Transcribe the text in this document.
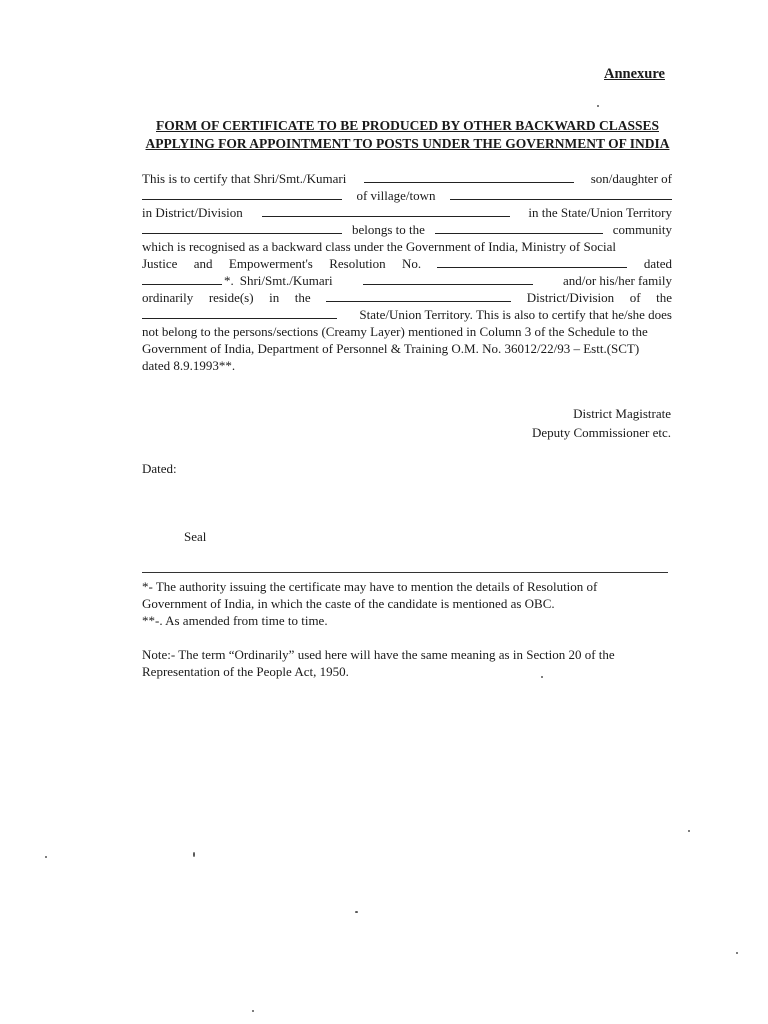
Annexure
FORM OF CERTIFICATE TO BE PRODUCED BY OTHER BACKWARD CLASSES
APPLYING FOR APPOINTMENT TO POSTS UNDER THE GOVERNMENT OF INDIA
This is to certify that Shri/Smt./Kumari	son/daughter of
of village/town
in District/Division	in the State/Union Territory
belongs to the	community
which is recognised as a backward class under the Government of India, Ministry of Social
Justice and Empowerment's Resolution No.	dated
*. Shri/Smt./Kumari	and/or his/her family
ordinarily reside(s) in the	District/Division of the
State/Union Territory. This is also to certify that he/she does
not belong to the persons/sections (Creamy Layer) mentioned in Column 3 of the Schedule to the
Government of India, Department of Personnel & Training O.M. No. 36012/22/93 – Estt.(SCT)
dated 8.9.1993**.
District Magistrate
Deputy Commissioner etc.
Dated:
Seal
*- The authority issuing the certificate may have to mention the details of Resolution of
Government of India, in which the caste of the candidate is mentioned as OBC.
**-. As amended from time to time.
Note:- The term “Ordinarily” used here will have the same meaning as in Section 20 of the
Representation of the People Act, 1950.
